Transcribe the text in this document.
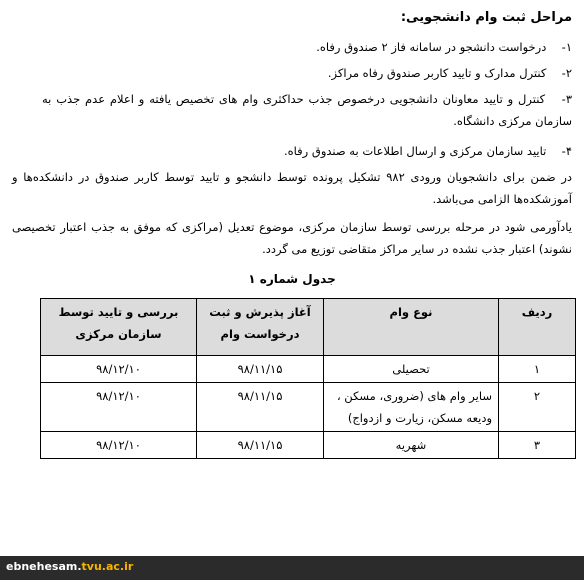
مراحل ثبت وام دانشجویی:
۱- درخواست دانشجو در سامانه فاز ۲ صندوق رفاه.
۲- کنترل مدارک و تایید کاربر صندوق رفاه مراکز.
۳- کنترل و تایید معاونان دانشجویی درخصوص جذب حداکثری وام های تخصیص یافته و اعلام عدم جذب به سازمان مرکزی دانشگاه.
۴- تایید سازمان مرکزی و ارسال اطلاعات به صندوق رفاه.
در ضمن برای دانشجویان ورودی ۹۸۲ تشکیل پرونده توسط دانشجو و تایید توسط کاربر صندوق در دانشکده‌ها و آموزشکده‌ها الزامی می‌باشد.
یادآورمی شود در مرحله بررسی توسط سازمان مرکزی، موضوع تعدیل (مراکزی که موفق به جذب اعتبار تخصیصی نشوند) اعتبار جذب نشده در سایر مراکز متقاضی توزیع می گردد.
جدول شماره ۱
ردیف	نوع وام	آغاز پذیرش و ثبت درخواست وام	بررسی و تایید توسط سازمان مرکزی
۱	تحصیلی	۹۸/۱۱/۱۵	۹۸/۱۲/۱۰
۲	سایر وام های (ضروری، مسکن ، ودیعه مسکن، زیارت و ازدواج)	۹۸/۱۱/۱۵	۹۸/۱۲/۱۰
۳	شهریه	۹۸/۱۱/۱۵	۹۸/۱۲/۱۰
ebnehesam.tvu.ac.ir
